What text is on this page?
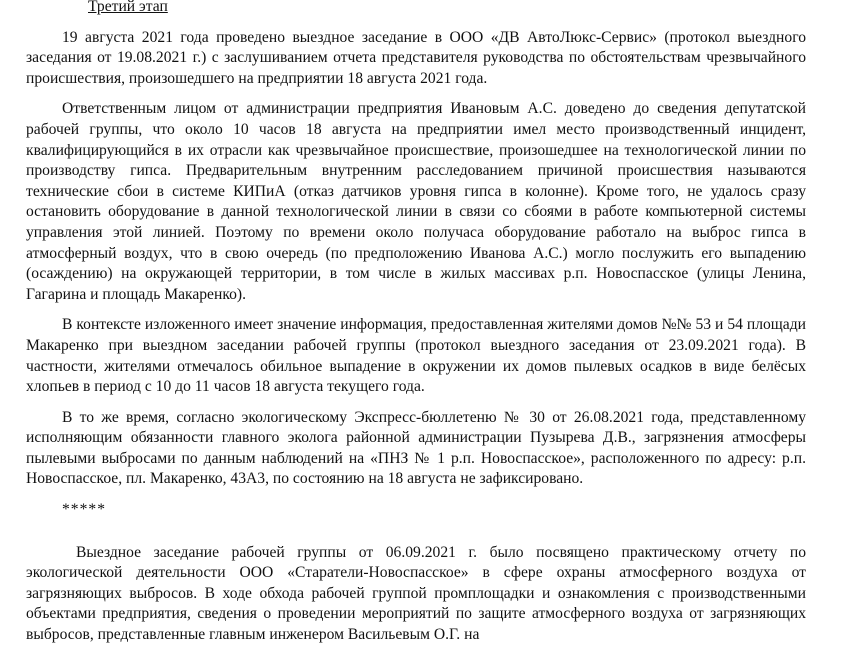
Третий этап

19 августа 2021 года проведено выездное заседание в ООО «ДВ АвтоЛюкс-Сервис» (протокол выездного заседания от 19.08.2021 г.) с заслушиванием отчета представителя руководства по обстоятельствам чрезвычайного происшествия, произошедшего на предприятии 18 августа 2021 года.

Ответственным лицом от администрации предприятия Ивановым А.С. доведено до сведения депутатской рабочей группы, что около 10 часов 18 августа на предприятии имел место производственный инцидент, квалифицирующийся в их отрасли как чрезвычайное происшествие, произошедшее на технологической линии по производству гипса. Предварительным внутренним расследованием причиной происшествия называются технические сбои в системе КИПиА (отказ датчиков уровня гипса в колонне). Кроме того, не удалось сразу остановить оборудование в данной технологической линии в связи со сбоями в работе компьютерной системы управления этой линией. Поэтому по времени около получаса оборудование работало на выброс гипса в атмосферный воздух, что в свою очередь (по предположению Иванова А.С.) могло послужить его выпадению (осаждению) на окружающей территории, в том числе в жилых массивах р.п. Новоспасское (улицы Ленина, Гагарина и площадь Макаренко).

В контексте изложенного имеет значение информация, предоставленная жителями домов №№ 53 и 54 площади Макаренко при выездном заседании рабочей группы (протокол выездного заседания от 23.09.2021 года). В частности, жителями отмечалось обильное выпадение в окружении их домов пылевых осадков в виде белёсых хлопьев в период с 10 до 11 часов 18 августа текущего года.

В то же время, согласно экологическому Экспресс-бюллетеню № 30 от 26.08.2021 года, представленному исполняющим обязанности главного эколога районной администрации Пузырева Д.В., загрязнения атмосферы пылевыми выбросами по данным наблюдений на «ПНЗ № 1 р.п. Новоспасское», расположенного по адресу: р.п. Новоспасское, пл. Макаренко, 43А3, по состоянию на 18 августа не зафиксировано.

*****

Выездное заседание рабочей группы от 06.09.2021 г. было посвящено практическому отчету по экологической деятельности ООО «Старатели-Новоспасское» в сфере охраны атмосферного воздуха от загрязняющих выбросов. В ходе обхода рабочей группой промплощадки и ознакомления с производственными объектами предприятия, сведения о проведении мероприятий по защите атмосферного воздуха от загрязняющих выбросов, представленные главным инженером Васильевым О.Г. на
